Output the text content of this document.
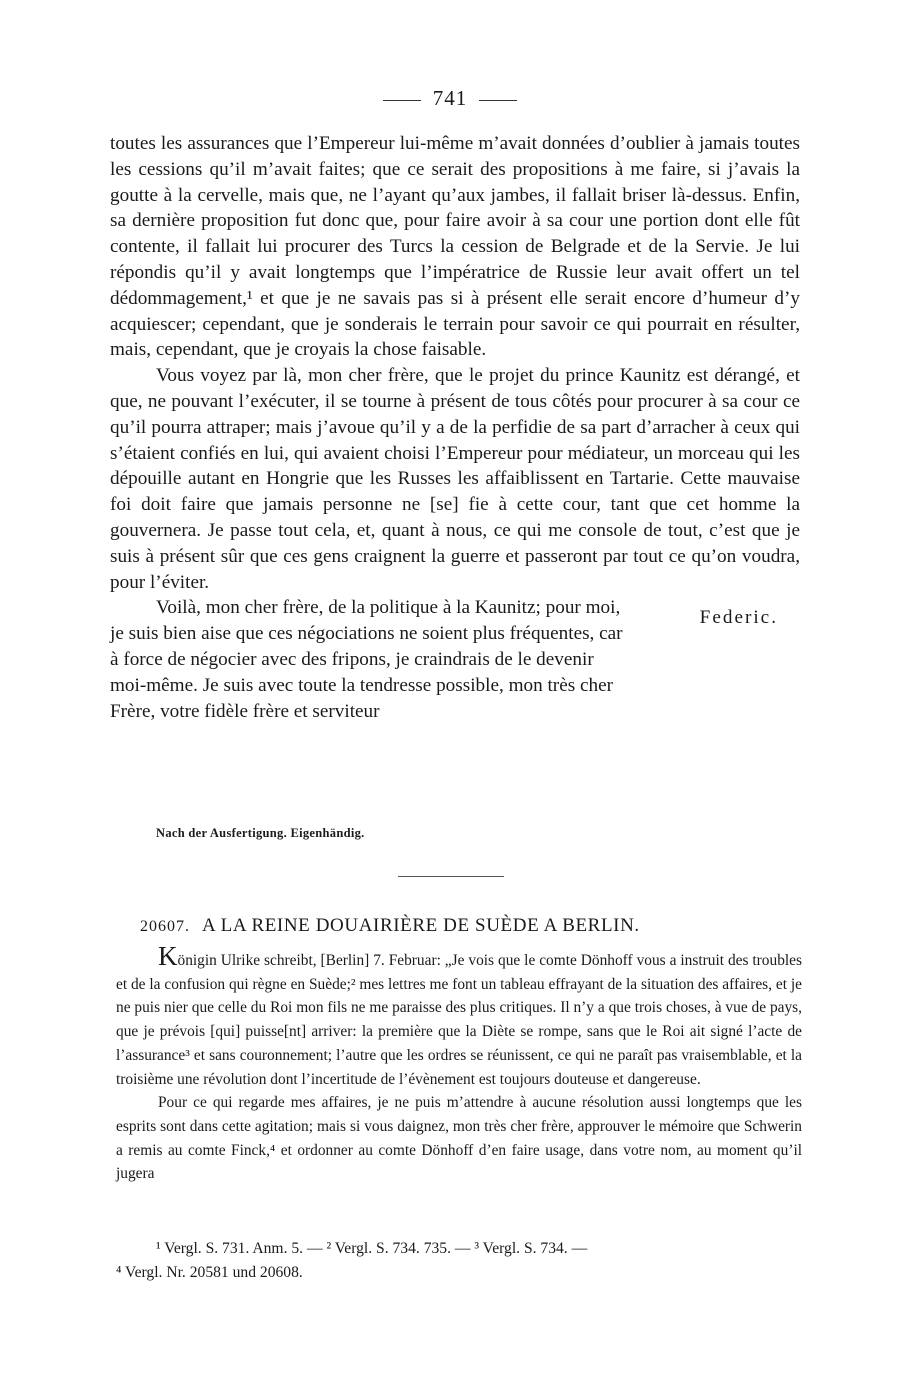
741

toutes les assurances que l’Empereur lui-même m’avait données d’oublier à jamais toutes les cessions qu’il m’avait faites; que ce serait des propositions à me faire, si j’avais la goutte à la cervelle, mais que, ne l’ayant qu’aux jambes, il fallait briser là-dessus. Enfin, sa dernière proposition fut donc que, pour faire avoir à sa cour une portion dont elle fût contente, il fallait lui procurer des Turcs la cession de Belgrade et de la Servie. Je lui répondis qu’il y avait longtemps que l’impératrice de Russie leur avait offert un tel dédommagement,¹ et que je ne savais pas si à présent elle serait encore d’humeur d’y acquiescer; cependant, que je sonderais le terrain pour savoir ce qui pourrait en résulter, mais, cependant, que je croyais la chose faisable.

Vous voyez par là, mon cher frère, que le projet du prince Kaunitz est dérangé, et que, ne pouvant l’exécuter, il se tourne à présent de tous côtés pour procurer à sa cour ce qu’il pourra attraper; mais j’avoue qu’il y a de la perfidie de sa part d’arracher à ceux qui s’étaient confiés en lui, qui avaient choisi l’Empereur pour médiateur, un morceau qui les dépouille autant en Hongrie que les Russes les affaiblissent en Tartarie. Cette mauvaise foi doit faire que jamais personne ne [se] fie à cette cour, tant que cet homme la gouvernera. Je passe tout cela, et, quant à nous, ce qui me console de tout, c’est que je suis à présent sûr que ces gens craignent la guerre et passeront par tout ce qu’on voudra, pour l’éviter.

Voilà, mon cher frère, de la politique à la Kaunitz; pour moi, je suis bien aise que ces négociations ne soient plus fréquentes, car à force de négocier avec des fripons, je craindrais de le devenir moi-même. Je suis avec toute la tendresse possible, mon très cher Frère, votre fidèle frère et serviteur

Federic.
Nach der Ausfertigung. Eigenhändig.
20607. A LA REINE DOUAIRIÈRE DE SUÈDE A BERLIN.

Königin Ulrike schreibt, [Berlin] 7. Februar: „Je vois que le comte Dönhoff vous a instruit des troubles et de la confusion qui règne en Suède;² mes lettres me font un tableau effrayant de la situation des affaires, et je ne puis nier que celle du Roi mon fils ne me paraisse des plus critiques. Il n’y a que trois choses, à vue de pays, que je prévois [qui] puisse[nt] arriver: la première que la Diète se rompe, sans que le Roi ait signé l’acte de l’assurance³ et sans couronnement; l’autre que les ordres se réunissent, ce qui ne paraît pas vraisemblable, et la troisième une révolution dont l’incertitude de l’évènement est toujours douteuse et dangereuse.

Pour ce qui regarde mes affaires, je ne puis m’attendre à aucune résolution aussi longtemps que les esprits sont dans cette agitation; mais si vous daignez, mon très cher frère, approuver le mémoire que Schwerin a remis au comte Finck,⁴ et ordonner au comte Dönhoff d’en faire usage, dans votre nom, au moment qu’il jugera

¹ Vergl. S. 731. Anm. 5. — ² Vergl. S. 734. 735. — ³ Vergl. S. 734. —
⁴ Vergl. Nr. 20581 und 20608.
